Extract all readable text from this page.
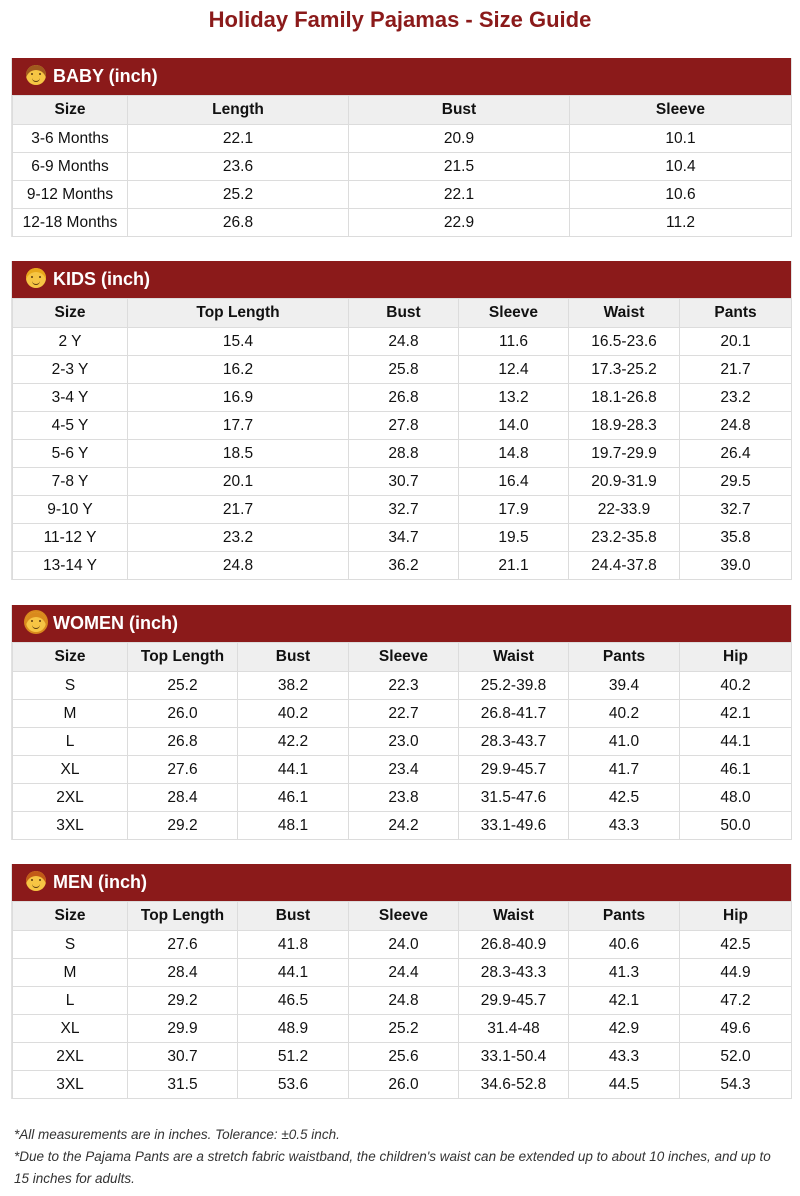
Holiday Family Pajamas - Size Guide
BABY (inch)
Size	Length	Bust	Sleeve
3-6 Months	22.1	20.9	10.1
6-9 Months	23.6	21.5	10.4
9-12 Months	25.2	22.1	10.6
12-18 Months	26.8	22.9	11.2
KIDS (inch)
Size	Top Length	Bust	Sleeve	Waist	Pants
2 Y	15.4	24.8	11.6	16.5-23.6	20.1
2-3 Y	16.2	25.8	12.4	17.3-25.2	21.7
3-4 Y	16.9	26.8	13.2	18.1-26.8	23.2
4-5 Y	17.7	27.8	14.0	18.9-28.3	24.8
5-6 Y	18.5	28.8	14.8	19.7-29.9	26.4
7-8 Y	20.1	30.7	16.4	20.9-31.9	29.5
9-10 Y	21.7	32.7	17.9	22-33.9	32.7
11-12 Y	23.2	34.7	19.5	23.2-35.8	35.8
13-14 Y	24.8	36.2	21.1	24.4-37.8	39.0
WOMEN (inch)
Size	Top Length	Bust	Sleeve	Waist	Pants	Hip
S	25.2	38.2	22.3	25.2-39.8	39.4	40.2
M	26.0	40.2	22.7	26.8-41.7	40.2	42.1
L	26.8	42.2	23.0	28.3-43.7	41.0	44.1
XL	27.6	44.1	23.4	29.9-45.7	41.7	46.1
2XL	28.4	46.1	23.8	31.5-47.6	42.5	48.0
3XL	29.2	48.1	24.2	33.1-49.6	43.3	50.0
MEN (inch)
Size	Top Length	Bust	Sleeve	Waist	Pants	Hip
S	27.6	41.8	24.0	26.8-40.9	40.6	42.5
M	28.4	44.1	24.4	28.3-43.3	41.3	44.9
L	29.2	46.5	24.8	29.9-45.7	42.1	47.2
XL	29.9	48.9	25.2	31.4-48	42.9	49.6
2XL	30.7	51.2	25.6	33.1-50.4	43.3	52.0
3XL	31.5	53.6	26.0	34.6-52.8	44.5	54.3
*All measurements are in inches. Tolerance: ±0.5 inch.
*Due to the Pajama Pants are a stretch fabric waistband, the children's waist can be extended up to about 10 inches, and up to 15 inches for adults.
